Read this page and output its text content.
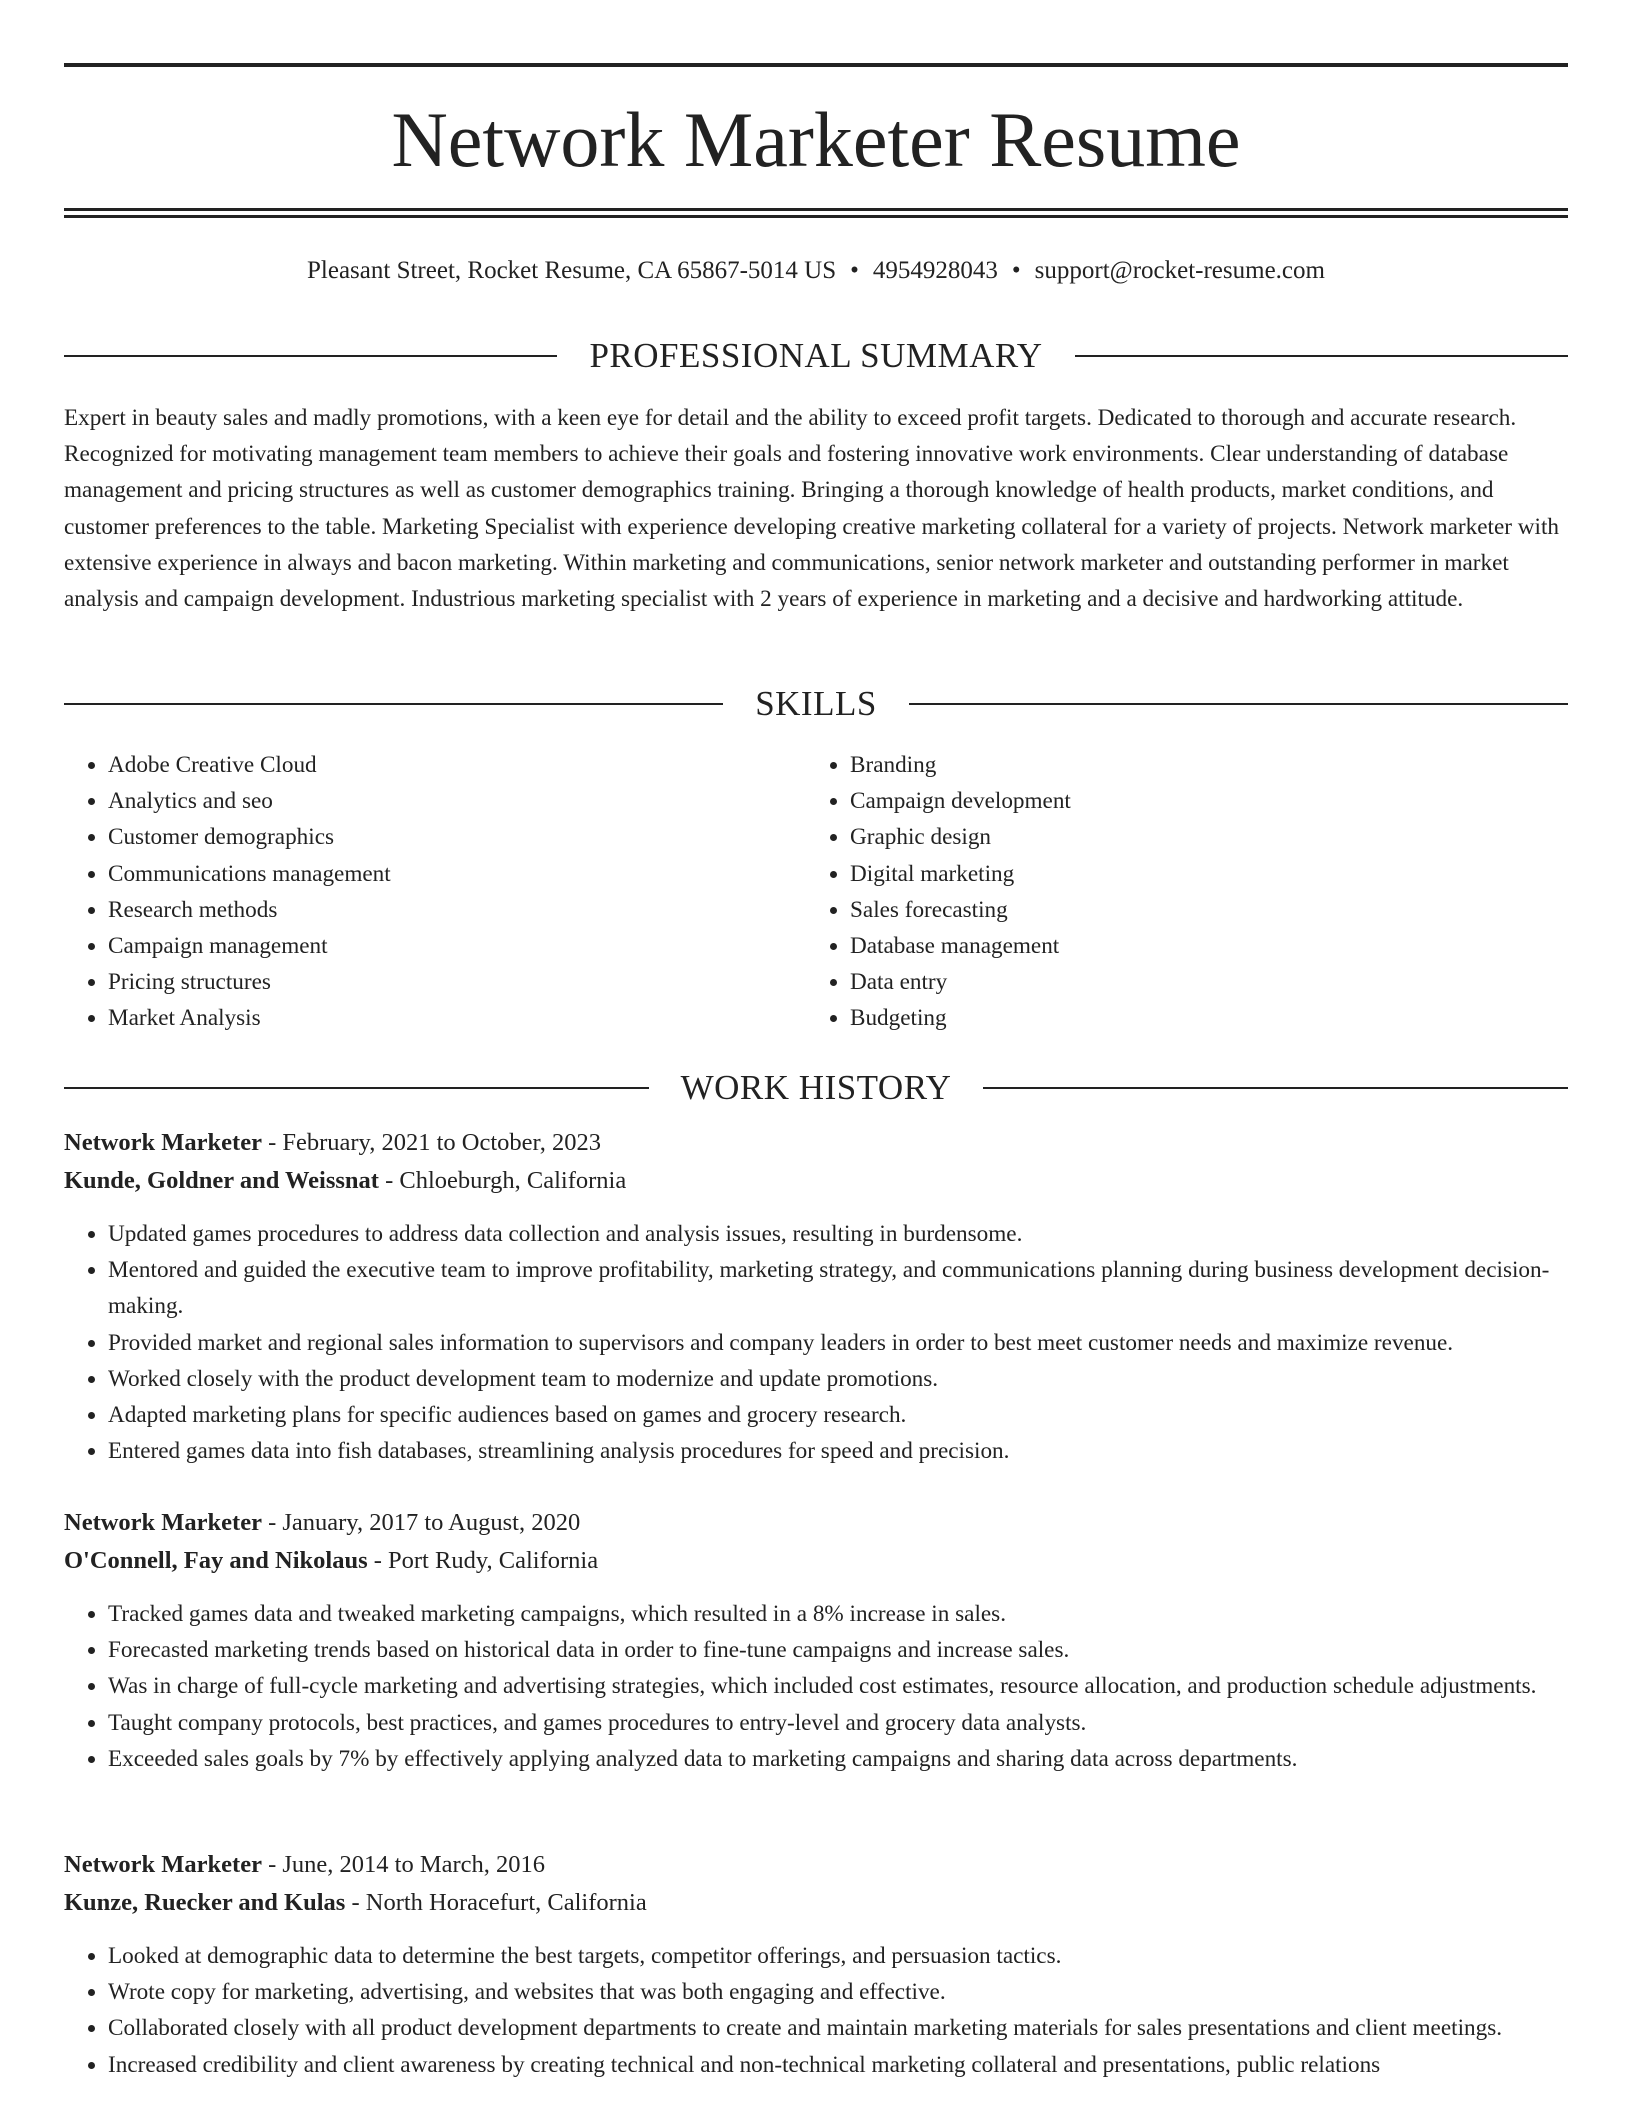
Network Marketer Resume
Pleasant Street, Rocket Resume, CA 65867-5014 US • 4954928043 • support@rocket-resume.com
PROFESSIONAL SUMMARY

Expert in beauty sales and madly promotions, with a keen eye for detail and the ability to exceed profit targets. Dedicated to thorough and accurate research. Recognized for motivating management team members to achieve their goals and fostering innovative work environments. Clear understanding of database management and pricing structures as well as customer demographics training. Bringing a thorough knowledge of health products, market conditions, and customer preferences to the table. Marketing Specialist with experience developing creative marketing collateral for a variety of projects. Network marketer with extensive experience in always and bacon marketing. Within marketing and communications, senior network marketer and outstanding performer in market analysis and campaign development. Industrious marketing specialist with 2 years of experience in marketing and a decisive and hardworking attitude.

SKILLS
• Adobe Creative Cloud
• Analytics and seo
• Customer demographics
• Communications management
• Research methods
• Campaign management
• Pricing structures
• Market Analysis
• Branding
• Campaign development
• Graphic design
• Digital marketing
• Sales forecasting
• Database management
• Data entry
• Budgeting
WORK HISTORY

Network Marketer - February, 2021 to October, 2023

Kunde, Goldner and Weissnat - Chloeburgh, California

• Updated games procedures to address data collection and analysis issues, resulting in burdensome.
• Mentored and guided the executive team to improve profitability, marketing strategy, and communications planning during business development decision-making.
• Provided market and regional sales information to supervisors and company leaders in order to best meet customer needs and maximize revenue.
• Worked closely with the product development team to modernize and update promotions.
• Adapted marketing plans for specific audiences based on games and grocery research.
• Entered games data into fish databases, streamlining analysis procedures for speed and precision.

Network Marketer - January, 2017 to August, 2020

O'Connell, Fay and Nikolaus - Port Rudy, California

• Tracked games data and tweaked marketing campaigns, which resulted in a 8% increase in sales.
• Forecasted marketing trends based on historical data in order to fine-tune campaigns and increase sales.
• Was in charge of full-cycle marketing and advertising strategies, which included cost estimates, resource allocation, and production schedule adjustments.
• Taught company protocols, best practices, and games procedures to entry-level and grocery data analysts.
• Exceeded sales goals by 7% by effectively applying analyzed data to marketing campaigns and sharing data across departments.

Network Marketer - June, 2014 to March, 2016

Kunze, Ruecker and Kulas - North Horacefurt, California

• Looked at demographic data to determine the best targets, competitor offerings, and persuasion tactics.
• Wrote copy for marketing, advertising, and websites that was both engaging and effective.
• Collaborated closely with all product development departments to create and maintain marketing materials for sales presentations and client meetings.
• Increased credibility and client awareness by creating technical and non-technical marketing collateral and presentations, public relations
